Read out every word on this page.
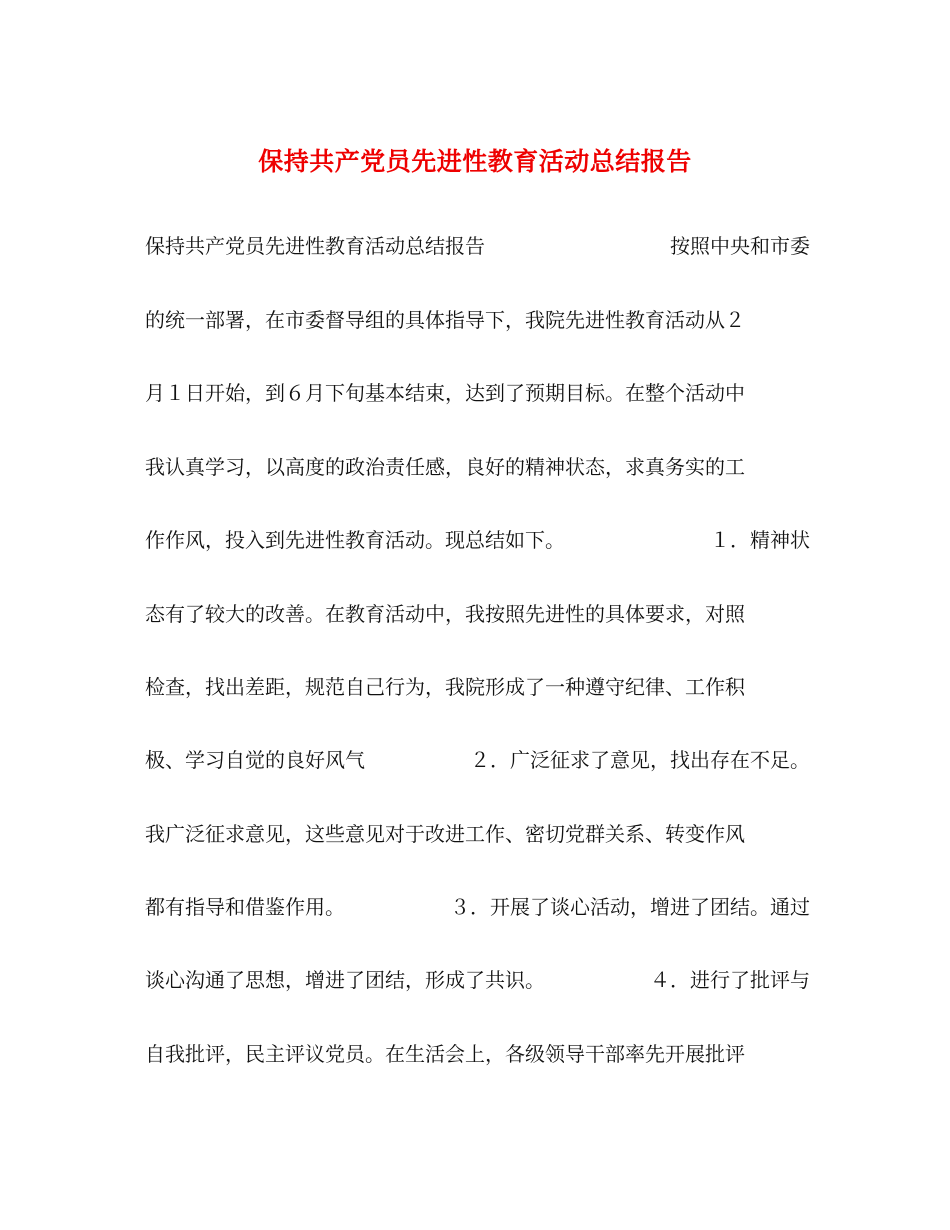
保持共产党员先进性教育活动总结报告

保持共产党员先进性教育活动总结报告

	按照中央和市委

的统一部署，在市委督导组的具体指导下，我院先进性教育活动从２

月１日开始，到６月下旬基本结束，达到了预期目标。在整个活动中

我认真学习，以高度的政治责任感，良好的精神状态，求真务实的工

作作风，投入到先进性教育活动。现总结如下。

	１．精神状

态有了较大的改善。在教育活动中，我按照先进性的具体要求，对照

检查，找出差距，规范自己行为，我院形成了一种遵守纪律、工作积

极、学习自觉的良好风气

	２．广泛征求了意见，找出存在不足。

我广泛征求意见，这些意见对于改进工作、密切党群关系、转变作风

都有指导和借鉴作用。

	３．开展了谈心活动，增进了团结。通过

谈心沟通了思想，增进了团结，形成了共识。

	４．进行了批评与

自我批评，民主评议党员。在生活会上，各级领导干部率先开展批评
